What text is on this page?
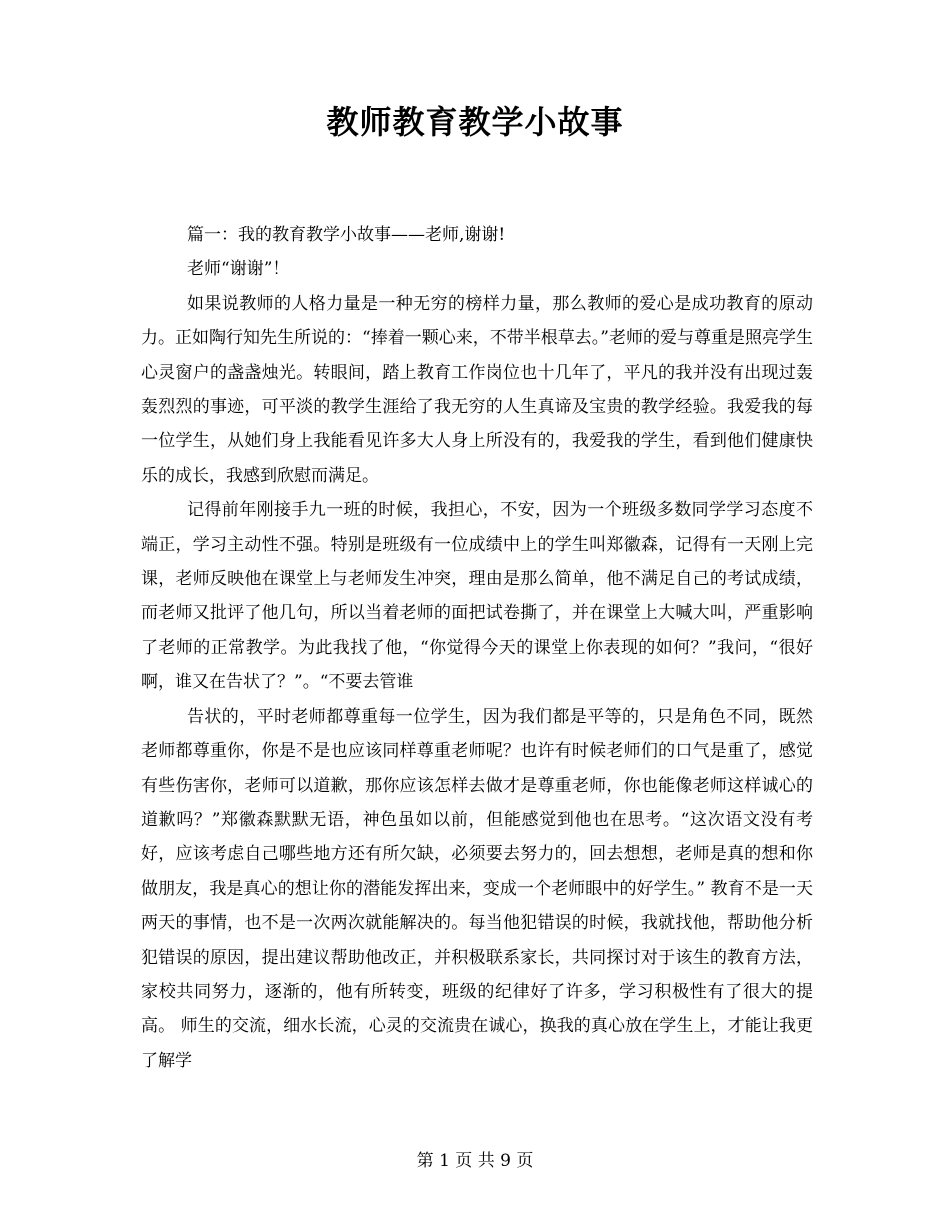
教师教育教学小故事

篇一：我的教育教学小故事——老师,谢谢!

老师“谢谢”！

如果说教师的人格力量是一种无穷的榜样力量，那么教师的爱心是成功教育的原动力。正如陶行知先生所说的：“捧着一颗心来，不带半根草去。”老师的爱与尊重是照亮学生心灵窗户的盏盏烛光。转眼间，踏上教育工作岗位也十几年了，平凡的我并没有出现过轰轰烈烈的事迹，可平淡的教学生涯给了我无穷的人生真谛及宝贵的教学经验。我爱我的每一位学生，从她们身上我能看见许多大人身上所没有的，我爱我的学生，看到他们健康快乐的成长，我感到欣慰而满足。

记得前年刚接手九一班的时候，我担心，不安，因为一个班级多数同学学习态度不端正，学习主动性不强。特别是班级有一位成绩中上的学生叫郑徽森，记得有一天刚上完课，老师反映他在课堂上与老师发生冲突，理由是那么简单，他不满足自己的考试成绩，而老师又批评了他几句，所以当着老师的面把试卷撕了，并在课堂上大喊大叫，严重影响了老师的正常教学。为此我找了他，“你觉得今天的课堂上你表现的如何？”我问，“很好啊，谁又在告状了？”。“不要去管谁

告状的，平时老师都尊重每一位学生，因为我们都是平等的，只是角色不同，既然老师都尊重你，你是不是也应该同样尊重老师呢？也许有时候老师们的口气是重了，感觉有些伤害你，老师可以道歉，那你应该怎样去做才是尊重老师，你也能像老师这样诚心的道歉吗？”郑徽森默默无语，神色虽如以前，但能感觉到他也在思考。“这次语文没有考好，应该考虑自己哪些地方还有所欠缺，必须要去努力的，回去想想，老师是真的想和你做朋友，我是真心的想让你的潜能发挥出来，变成一个老师眼中的好学生。” 教育不是一天两天的事情，也不是一次两次就能解决的。每当他犯错误的时候，我就找他，帮助他分析犯错误的原因，提出建议帮助他改正，并积极联系家长，共同探讨对于该生的教育方法，家校共同努力，逐渐的，他有所转变，班级的纪律好了许多，学习积极性有了很大的提高。 师生的交流，细水长流，心灵的交流贵在诚心，换我的真心放在学生上，才能让我更了解学

第 1 页 共 9 页
